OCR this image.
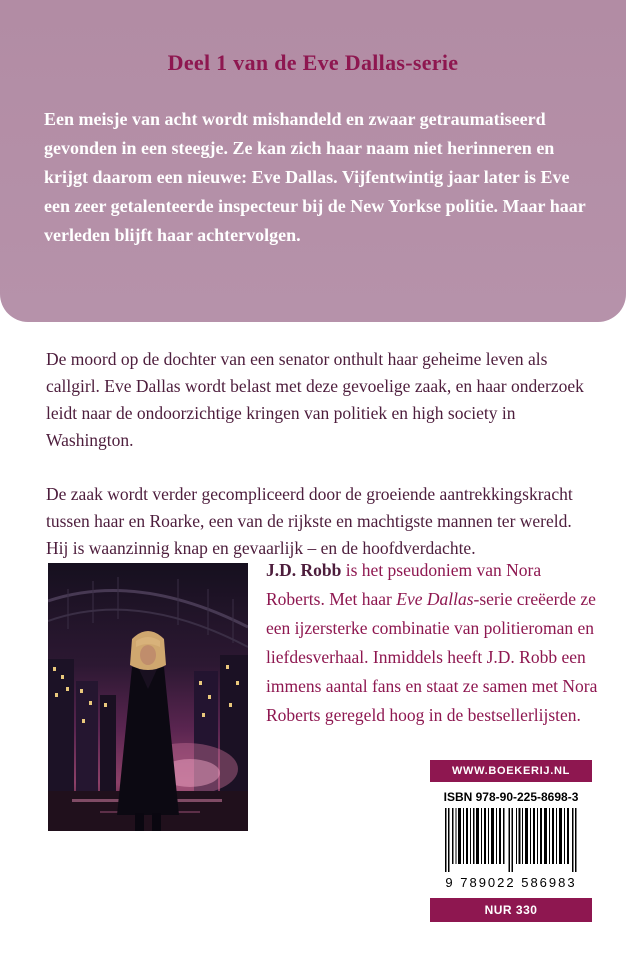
Deel 1 van de Eve Dallas-serie

Een meisje van acht wordt mishandeld en zwaar getraumatiseerd gevonden in een steegje. Ze kan zich haar naam niet herinneren en krijgt daarom een nieuwe: Eve Dallas. Vijfentwintig jaar later is Eve een zeer getalenteerde inspecteur bij de New Yorkse politie. Maar haar verleden blijft haar achtervolgen.

De moord op de dochter van een senator onthult haar geheime leven als callgirl. Eve Dallas wordt belast met deze gevoelige zaak, en haar onderzoek leidt naar de ondoorzichtige kringen van politiek en high society in Washington.

De zaak wordt verder gecompliceerd door de groeiende aantrekkingskracht tussen haar en Roarke, een van de rijkste en machtigste mannen ter wereld. Hij is waanzinnig knap en gevaarlijk – en de hoofdverdachte.

J.D. Robb is het pseudoniem van Nora Roberts. Met haar Eve Dallas-serie creëerde ze een ijzersterke combinatie van politieroman en liefdesverhaal. Inmiddels heeft J.D. Robb een immens aantal fans en staat ze samen met Nora Roberts geregeld hoog in de bestsellerlijsten.

WWW.BOEKERIJ.NL
ISBN 978-90-225-8698-3
9 789022 586983
NUR 330
